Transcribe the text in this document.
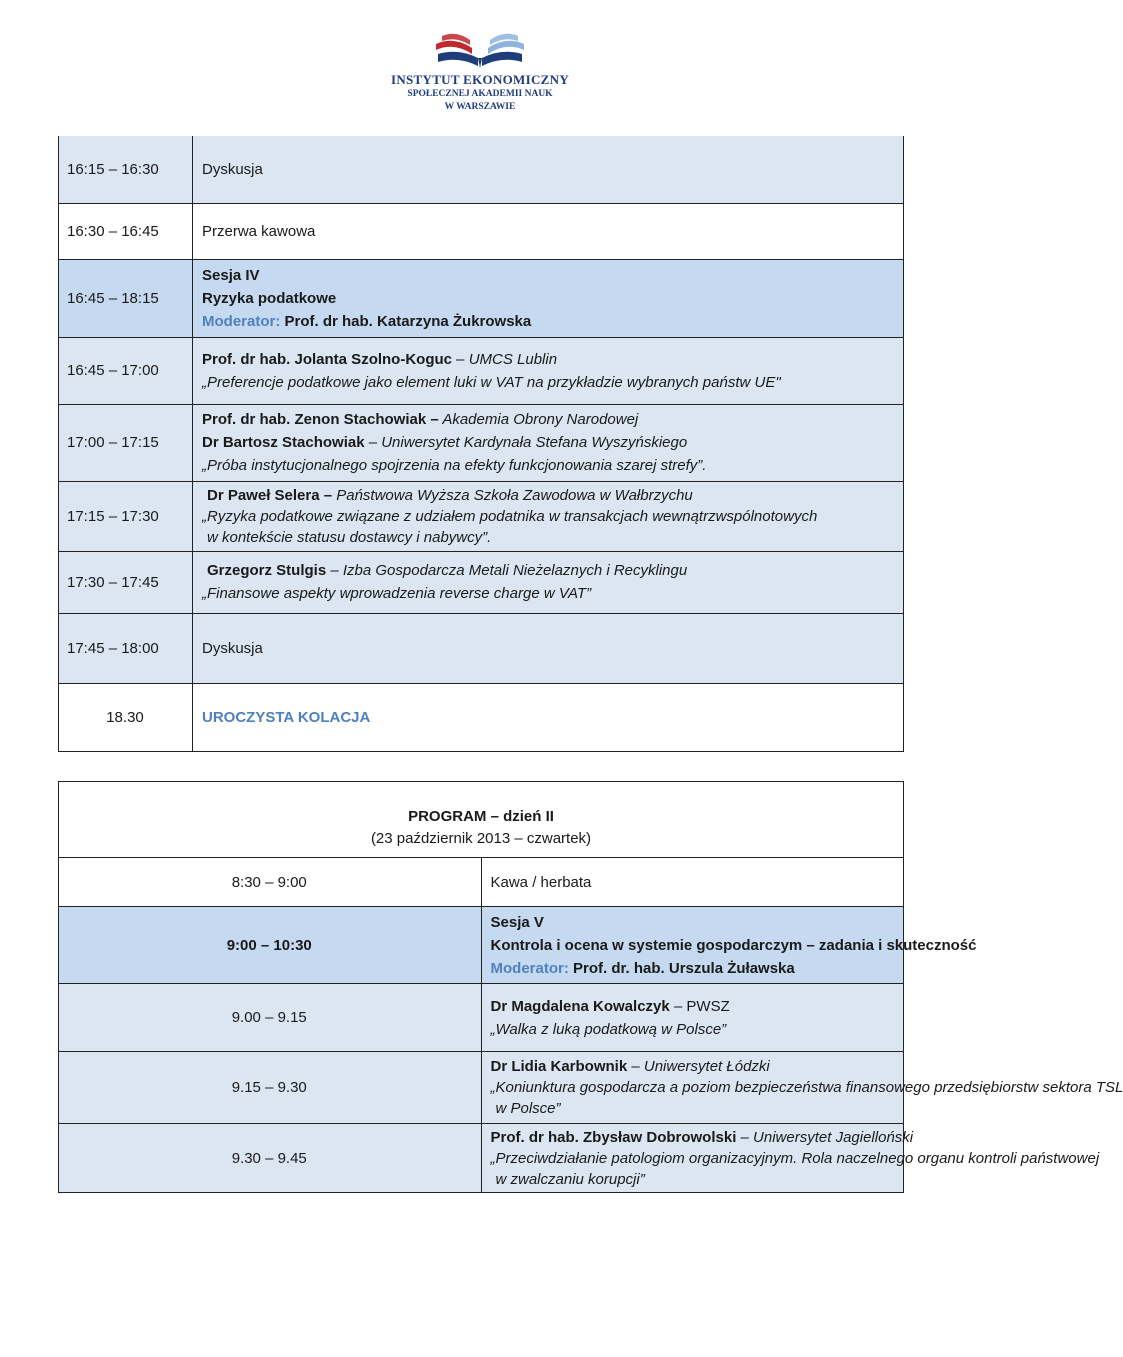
INSTYTUT EKONOMICZNY
SPOŁECZNEJ AKADEMII NAUK
W WARSZAWIE
16:15 – 16:30	Dyskusja
16:30 – 16:45	Przerwa kawowa
16:45 – 18:15	Sesja IV
Ryzyka podatkowe
Moderator: Prof. dr hab. Katarzyna Żukrowska

16:45 – 17:00	Prof. dr hab. Jolanta Szolno-Koguc – UMCS Lublin
„Preferencje podatkowe jako element luki w VAT na przykładzie wybranych państw UE"

17:00 – 17:15	Prof. dr hab. Zenon Stachowiak – Akademia Obrony Narodowej
Dr Bartosz Stachowiak – Uniwersytet Kardynała Stefana Wyszyńskiego
„Próba instytucjonalnego spojrzenia na efekty funkcjonowania szarej strefy”.

17:15 – 17:30	Dr Paweł Selera – Państwowa Wyższa Szkoła Zawodowa w Wałbrzychu
„Ryzyka podatkowe związane z udziałem podatnika w transakcjach wewnątrzwspólnotowych
w kontekście statusu dostawcy i nabywcy”.

17:30 – 17:45	Grzegorz Stulgis – Izba Gospodarcza Metali Nieżelaznych i Recyklingu
„Finansowe aspekty wprowadzenia reverse charge w VAT”

17:45 – 18:00	Dyskusja
18.30	UROCZYSTA KOLACJA
PROGRAM – dzień II
(23 październik 2013 – czwartek)	

8:30 – 9:00	Kawa / herbata
9:00 – 10:30	Sesja V
Kontrola i ocena w systemie gospodarczym – zadania i skuteczność
Moderator: Prof. dr. hab. Urszula Żuławska

9.00 – 9.15	Dr Magdalena Kowalczyk – PWSZ
„Walka z luką podatkową w Polsce”

9.15 – 9.30	Dr Lidia Karbownik – Uniwersytet Łódzki
„Koniunktura gospodarcza a poziom bezpieczeństwa finansowego przedsiębiorstw sektora TSL
w Polsce”

9.30 – 9.45	Prof. dr hab. Zbysław Dobrowolski – Uniwersytet Jagielloński
„Przeciwdziałanie patologiom organizacyjnym. Rola naczelnego organu kontroli państwowej
w zwalczaniu korupcji”
